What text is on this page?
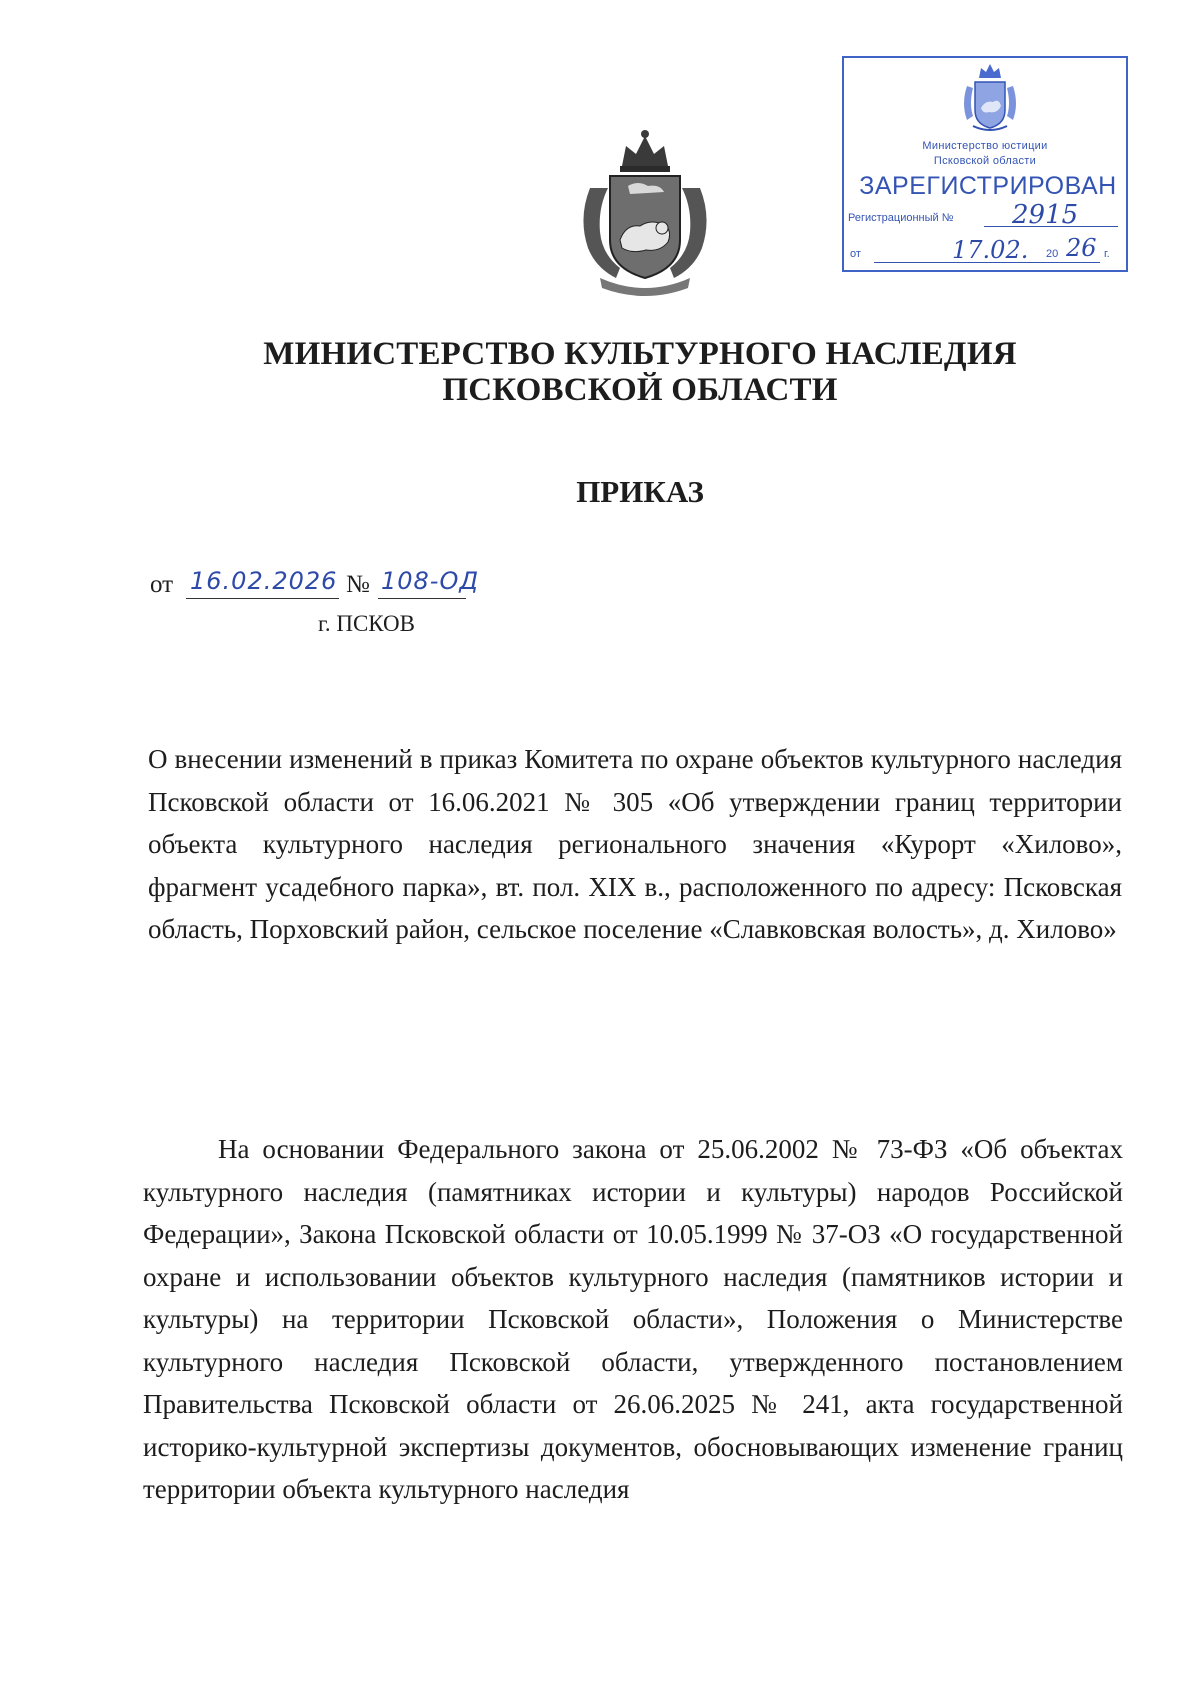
Министерство юстиции
Псковской области
ЗАРЕГИСТРИРОВАН
Регистрационный № 2915
от	17.02. 20 26 г.
МИНИСТЕРСТВО КУЛЬТУРНОГО НАСЛЕДИЯ
ПСКОВСКОЙ ОБЛАСТИ
ПРИКАЗ
от 16.02.2026 № 108-ОД
г. ПСКОВ
О внесении изменений в приказ Комитета по охране объектов культурного наследия Псковской области от 16.06.2021 № 305 «Об утверждении границ территории объекта культурного наследия регионального значения «Курорт «Хилово», фрагмент усадебного парка», вт. пол. XIX в., расположенного по адресу: Псковская область, Порховский район, сельское поселение «Славковская волость», д. Хилово»
На основании Федерального закона от 25.06.2002 № 73-ФЗ «Об объектах культурного наследия (памятниках истории и культуры) народов Российской Федерации», Закона Псковской области от 10.05.1999 № 37-ОЗ «О государственной охране и использовании объектов культурного наследия (памятников истории и культуры) на территории Псковской области», Положения о Министерстве культурного наследия Псковской области, утвержденного постановлением Правительства Псковской области от 26.06.2025 № 241, акта государственной историко-культурной экспертизы документов, обосновывающих изменение границ территории объекта культурного наследия
